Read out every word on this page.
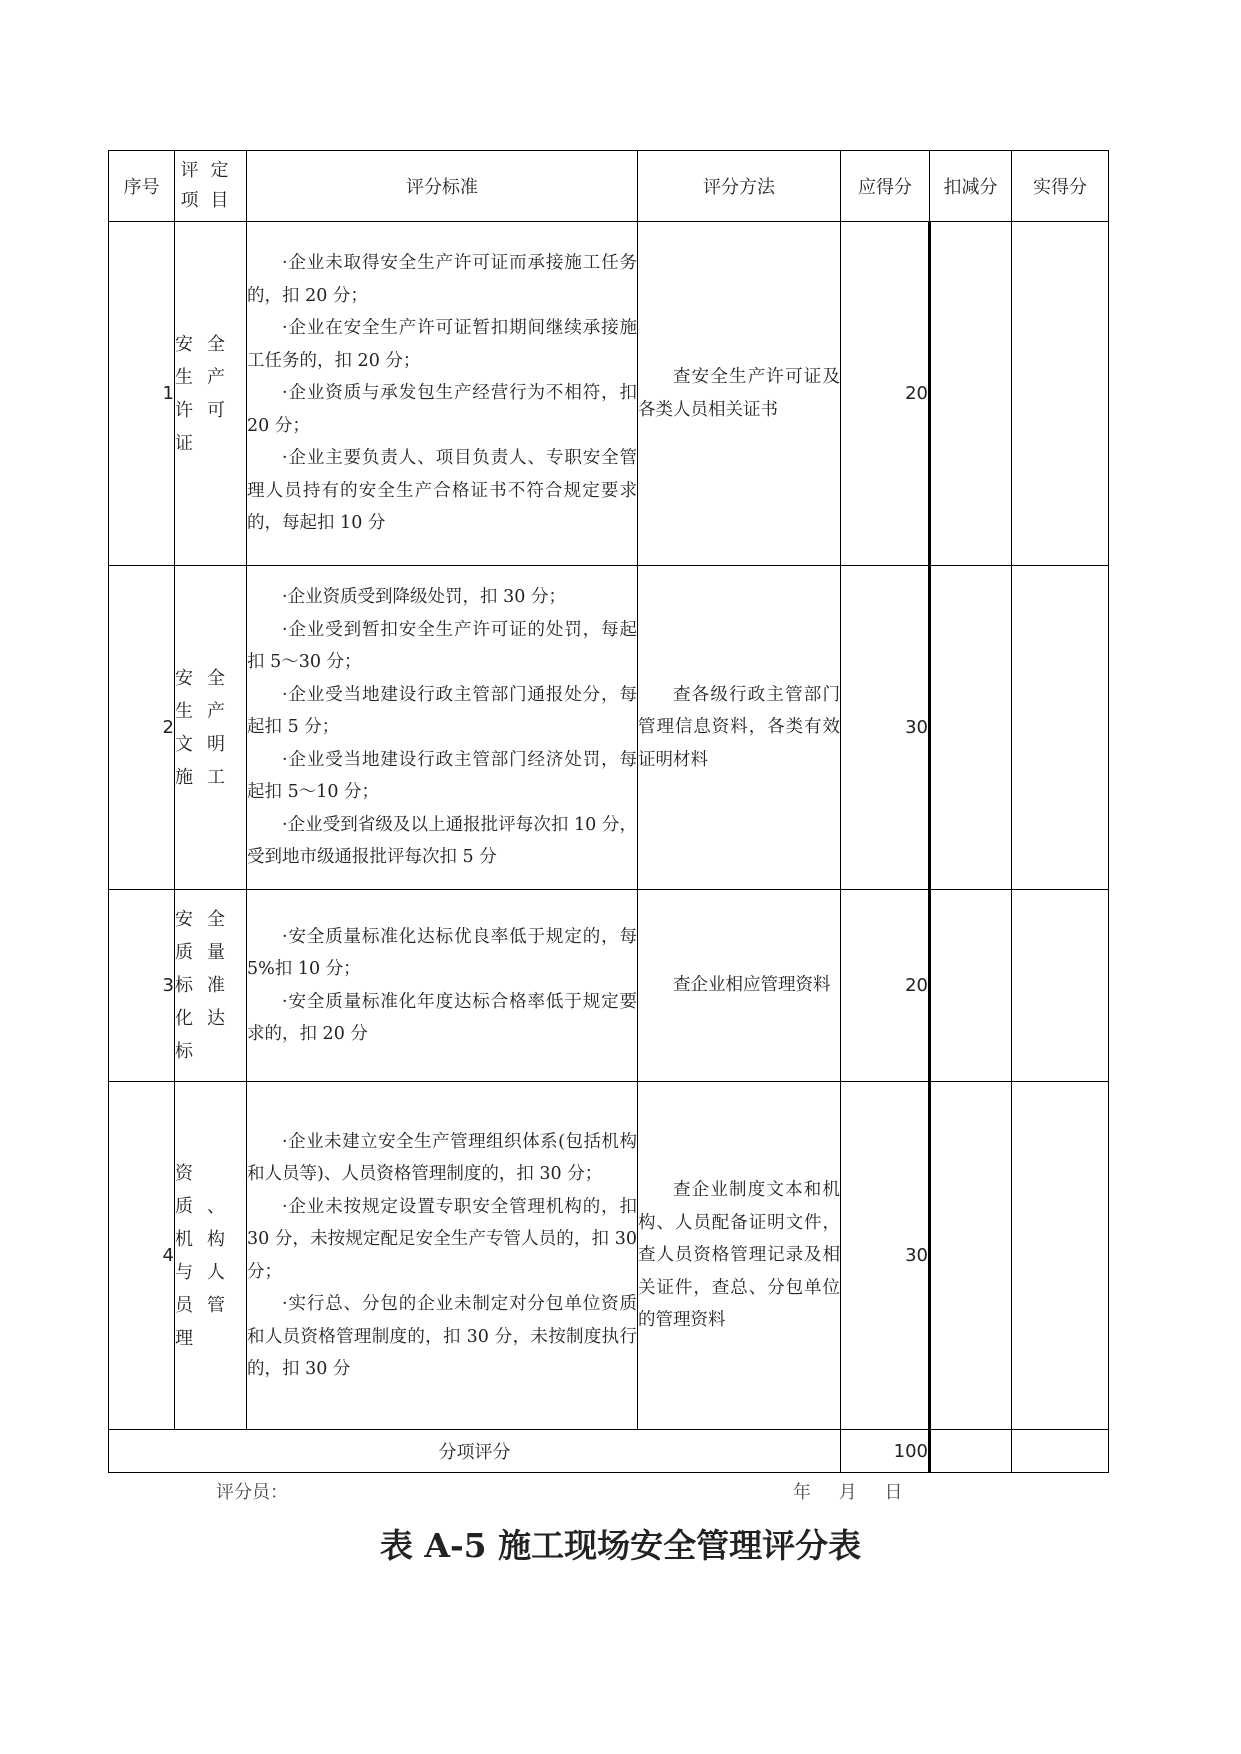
序号	评定项目	评分标准	评分方法	应得分	扣减分	实得分
1	安全生产许可证	·企业未取得安全生产许可证而承接施工任务的，扣 20 分；

·企业在安全生产许可证暂扣期间继续承接施工任务的，扣 20 分；

·企业资质与承发包生产经营行为不相符，扣 20 分；

·企业主要负责人、项目负责人、专职安全管理人员持有的安全生产合格证书不符合规定要求的，每起扣 10 分	查安全生产许可证及各类人员相关证书	20		
2	安全生产文明施工	·企业资质受到降级处罚，扣 30 分；

·企业受到暂扣安全生产许可证的处罚，每起扣 5～30 分；

·企业受当地建设行政主管部门通报处分，每起扣 5 分；

·企业受当地建设行政主管部门经济处罚，每起扣 5～10 分；

·企业受到省级及以上通报批评每次扣 10 分，受到地市级通报批评每次扣 5 分	查各级行政主管部门管理信息资料，各类有效证明材料	30		
3	安全质量标准化达标	·安全质量标准化达标优良率低于规定的，每 5%扣 10 分；

·安全质量标准化年度达标合格率低于规定要求的，扣 20 分	查企业相应管理资料	20		
4	资质、机构与人员管理	·企业未建立安全生产管理组织体系(包括机构和人员等)、人员资格管理制度的，扣 30 分；

·企业未按规定设置专职安全管理机构的，扣 30 分，未按规定配足安全生产专管人员的，扣 30 分；

·实行总、分包的企业未制定对分包单位资质和人员资格管理制度的，扣 30 分，未按制度执行的，扣 30 分	查企业制度文本和机构、人员配备证明文件，查人员资格管理记录及相关证件，查总、分包单位的管理资料	30		
分项评分				100		
评分员：	年 月 日
表 A-5 施工现场安全管理评分表
